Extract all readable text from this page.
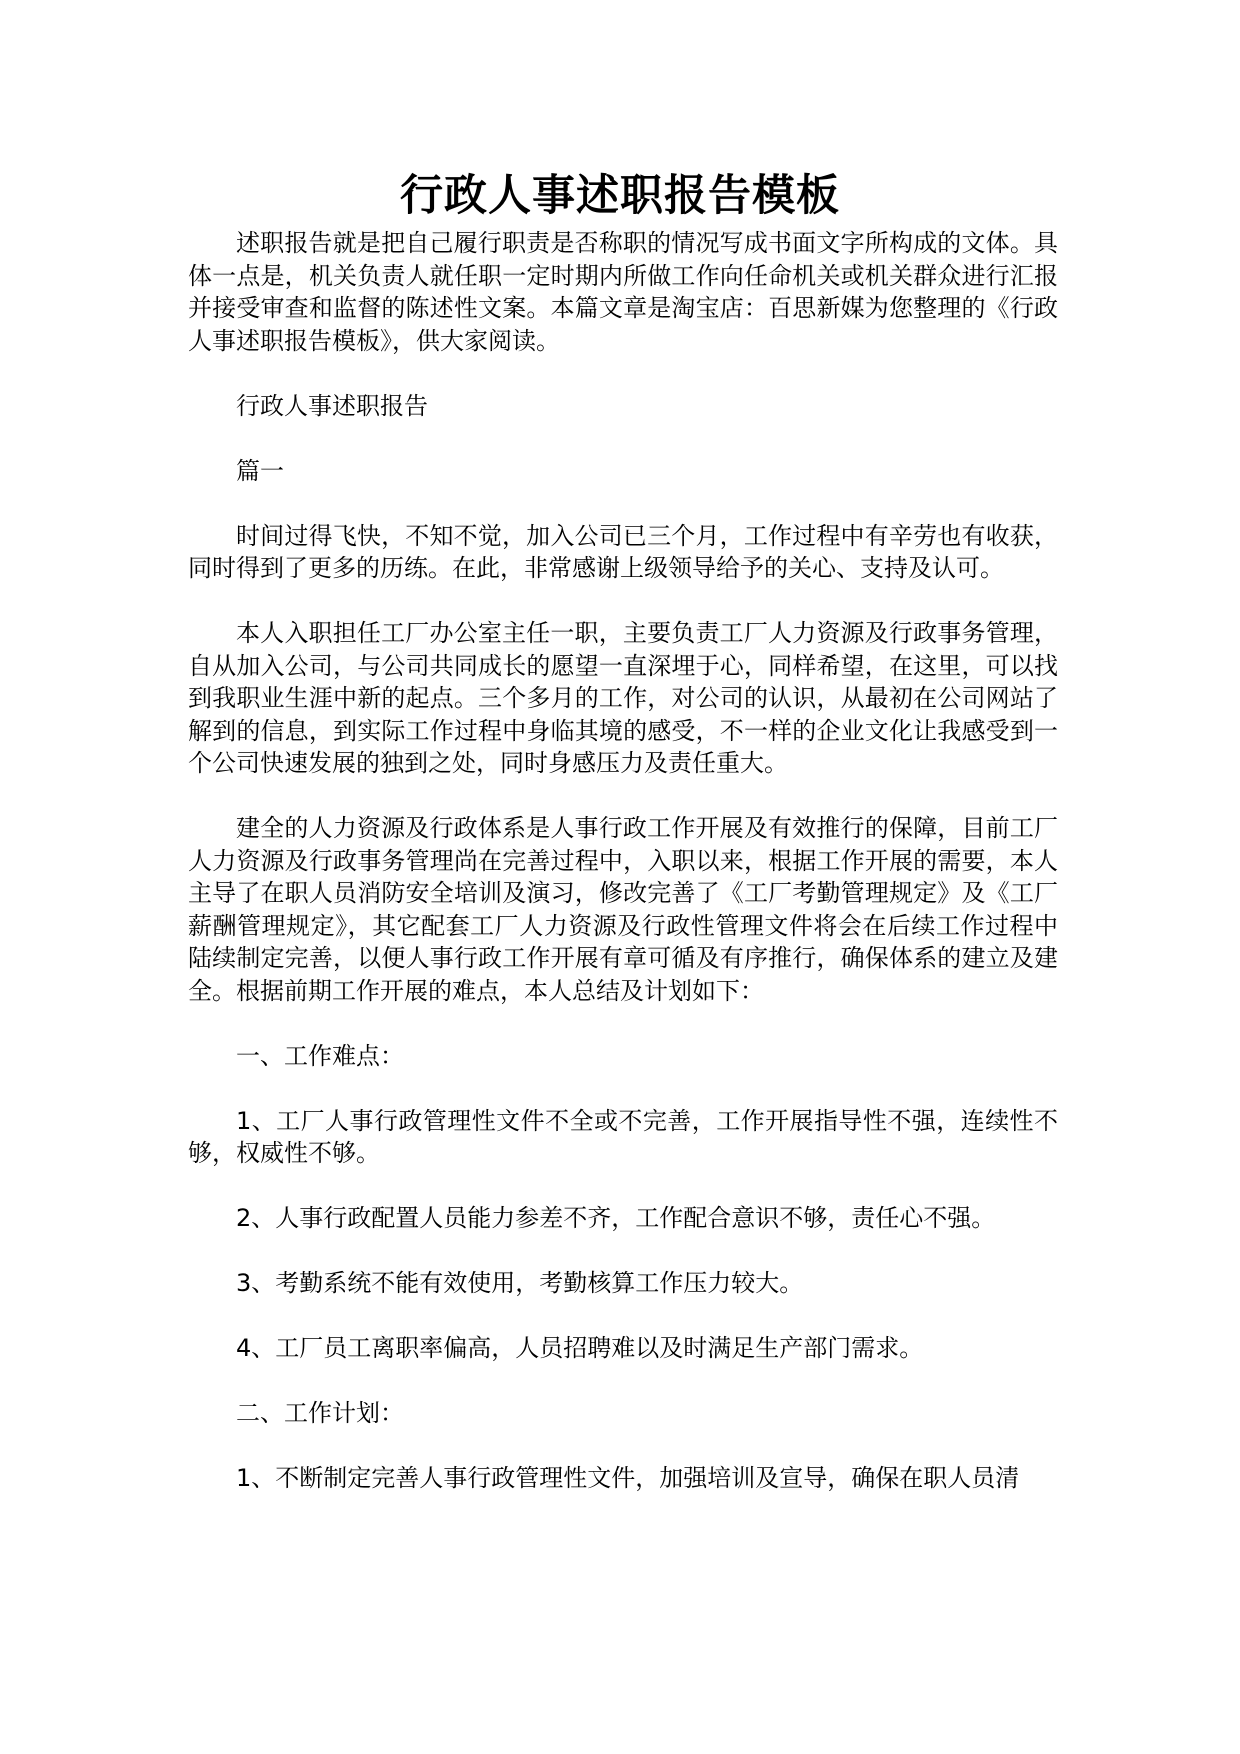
行政人事述职报告模板

述职报告就是把自己履行职责是否称职的情况写成书面文字所构成的文体。具体一点是，机关负责人就任职一定时期内所做工作向任命机关或机关群众进行汇报并接受审查和监督的陈述性文案。本篇文章是淘宝店：百思新媒为您整理的《行政人事述职报告模板》，供大家阅读。

行政人事述职报告

篇一

时间过得飞快，不知不觉，加入公司已三个月，工作过程中有辛劳也有收获，同时得到了更多的历练。在此，非常感谢上级领导给予的关心、支持及认可。

本人入职担任工厂办公室主任一职，主要负责工厂人力资源及行政事务管理，自从加入公司，与公司共同成长的愿望一直深埋于心，同样希望，在这里，可以找到我职业生涯中新的起点。三个多月的工作，对公司的认识，从最初在公司网站了解到的信息，到实际工作过程中身临其境的感受，不一样的企业文化让我感受到一个公司快速发展的独到之处，同时身感压力及责任重大。

建全的人力资源及行政体系是人事行政工作开展及有效推行的保障，目前工厂人力资源及行政事务管理尚在完善过程中，入职以来，根据工作开展的需要，本人主导了在职人员消防安全培训及演习，修改完善了《工厂考勤管理规定》及《工厂薪酬管理规定》，其它配套工厂人力资源及行政性管理文件将会在后续工作过程中陆续制定完善，以便人事行政工作开展有章可循及有序推行，确保体系的建立及建全。根据前期工作开展的难点，本人总结及计划如下：

一、工作难点：

1、工厂人事行政管理性文件不全或不完善，工作开展指导性不强，连续性不够，权威性不够。

2、人事行政配置人员能力参差不齐，工作配合意识不够，责任心不强。

3、考勤系统不能有效使用，考勤核算工作压力较大。

4、工厂员工离职率偏高，人员招聘难以及时满足生产部门需求。

二、工作计划：

1、不断制定完善人事行政管理性文件，加强培训及宣导，确保在职人员清
